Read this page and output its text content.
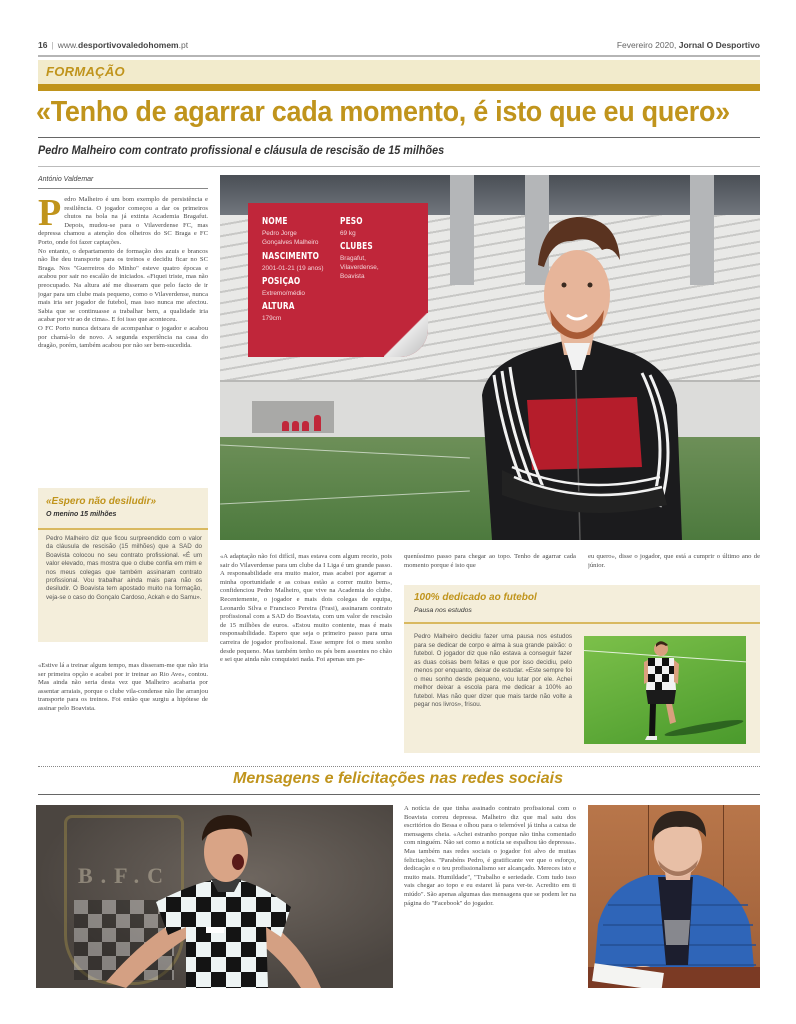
16 | www.desportivovaledohomem.pt	Fevereiro 2020, Jornal O Desportivo
FORMAÇÃO
«Tenho de agarrar cada momento, é isto que eu quero»
Pedro Malheiro com contrato profissional e cláusula de rescisão de 15 milhões
António Valdemar
P edro Malheiro é um bom exemplo de persistência e resiliência. O jogador começou a dar os primeiros chutos na bola na já extinta Academia Bragafut. Depois, mudou-se para o Vilaverdense FC, mas depressa chamou a atenção dos olheiros do SC Braga e FC Porto, onde foi fazer captações.
No entanto, o departamento de formação dos azuis e brancos não lhe deu transporte para os treinos e decidiu ficar no SC Braga. Nos "Guerreiros do Minho" esteve quatro épocas e acabou por sair no escalão de iniciados. «Fiquei triste, mas não preocupado. Na altura até me disseram que pelo facto de ir jogar para um clube mais pequeno, como o Vilaverdense, nunca mais iria ser jogador de futebol, mas isso nunca me afectou. Sabia que se continuasse a trabalhar bem, a qualidade iria acabar por vir ao de cima». E foi isso que aconteceu.
O FC Porto nunca deixara de acompanhar o jogador e acabou por chamá-lo de novo. A segunda experiência na casa do dragão, porém, também acabou por não ser bem-sucedida.
«Espero não desiludir»
O menino 15 milhões
Pedro Malheiro diz que ficou surpreendido com o valor da cláusula de rescisão (15 milhões) que a SAD do Boavista colocou no seu contrato profissional. «É um valor elevado, mas mostra que o clube confia em mim e nos meus colegas que também assinaram contrato profissional. Vou trabalhar ainda mais para não os desiludir. O Boavista tem apostado muito na formação, veja-se o caso do Gonçalo Cardoso, Ackah e do Samu».
«Estive lá a treinar algum tempo, mas disseram-me que não iria ser primeira opção e acabei por ir treinar ao Rio Ave», contou. Mas ainda não seria desta vez que Malheiro acabaria por assentar arraiais, porque o clube vila-condense não lhe arranjou transporte para os treinos. Foi então que surgiu a hipótese de assinar pelo Boavista.
NOME
Pedro Jorge
Gonçalves Malheiro
NASCIMENTO
2001-01-21 (19 anos)
POSIÇÃO
Extremo/médio
ALTURA
179cm
PESO
69 kg
CLUBES
Bragafut,
Vilaverdense,
Boavista
«A adaptação não foi difícil, mas estava com algum receio, pois sair do Vilaverdense para um clube da I Liga é um grande passo. A responsabilidade era muito maior, mas acabei por agarrar a minha oportunidade e as coisas estão a correr muito bem», confidenciou Pedro Malheiro, que vive na Academia do clube. Recentemente, o jogador e mais dois colegas de equipa, Leonardo Silva e Francisco Pereira (Frasi), assinaram contrato profissional com a SAD do Boavista, com um valor de rescisão de 15 milhões de euros. «Estou muito contente, mas é mais responsabilidade. Espero que seja o primeiro passo para uma carreira de jogador profissional. Esse sempre foi o meu sonho desde pequeno. Mas também tenho os pés bem assentes no chão e sei que ainda não conquistei nada. Foi apenas um pe-
queníssimo passo para chegar ao topo. Tenho de agarrar cada momento porque é isto que
eu quero», disse o jogador, que está a cumprir o último ano de júnior.
100% dedicado ao futebol
Pausa nos estudos
Pedro Malheiro decidiu fazer uma pausa nos estudos para se dedicar de corpo e alma à sua grande paixão: o futebol. O jogador diz que não estava a conseguir fazer as duas coisas bem feitas e que por isso decidiu, pelo menos por enquanto, deixar de estudar. «Este sempre foi o meu sonho desde pequeno, vou lutar por ele. Achei melhor deixar a escola para me dedicar a 100% ao futebol. Mas não quer dizer que mais tarde não volte a pegar nos livros», frisou.
Mensagens e felicitações nas redes sociais
B.F.C
A notícia de que tinha assinado contrato profissional com o Boavista correu depressa. Malheiro diz que mal saiu dos escritórios do Bessa e olhou para o telemóvel já tinha a caixa de mensagens cheia. «Achei estranho porque não tinha comentado com ninguém. Não sei como a notícia se espalhou tão depressa». Mas também nas redes sociais o jogador foi alvo de muitas felicitações. "Parabéns Pedro, é gratificante ver que o esforço, dedicação e o teu profissionalismo ser alcançado. Mereces isto e muito mais. Humildade", "Trabalho e seriedade. Com tudo isso vais chegar ao topo e eu estarei lá para ver-te. Acredito em ti miúdo". São apenas algumas das mensagens que se podem ler na página do "Facebook" do jogador.
